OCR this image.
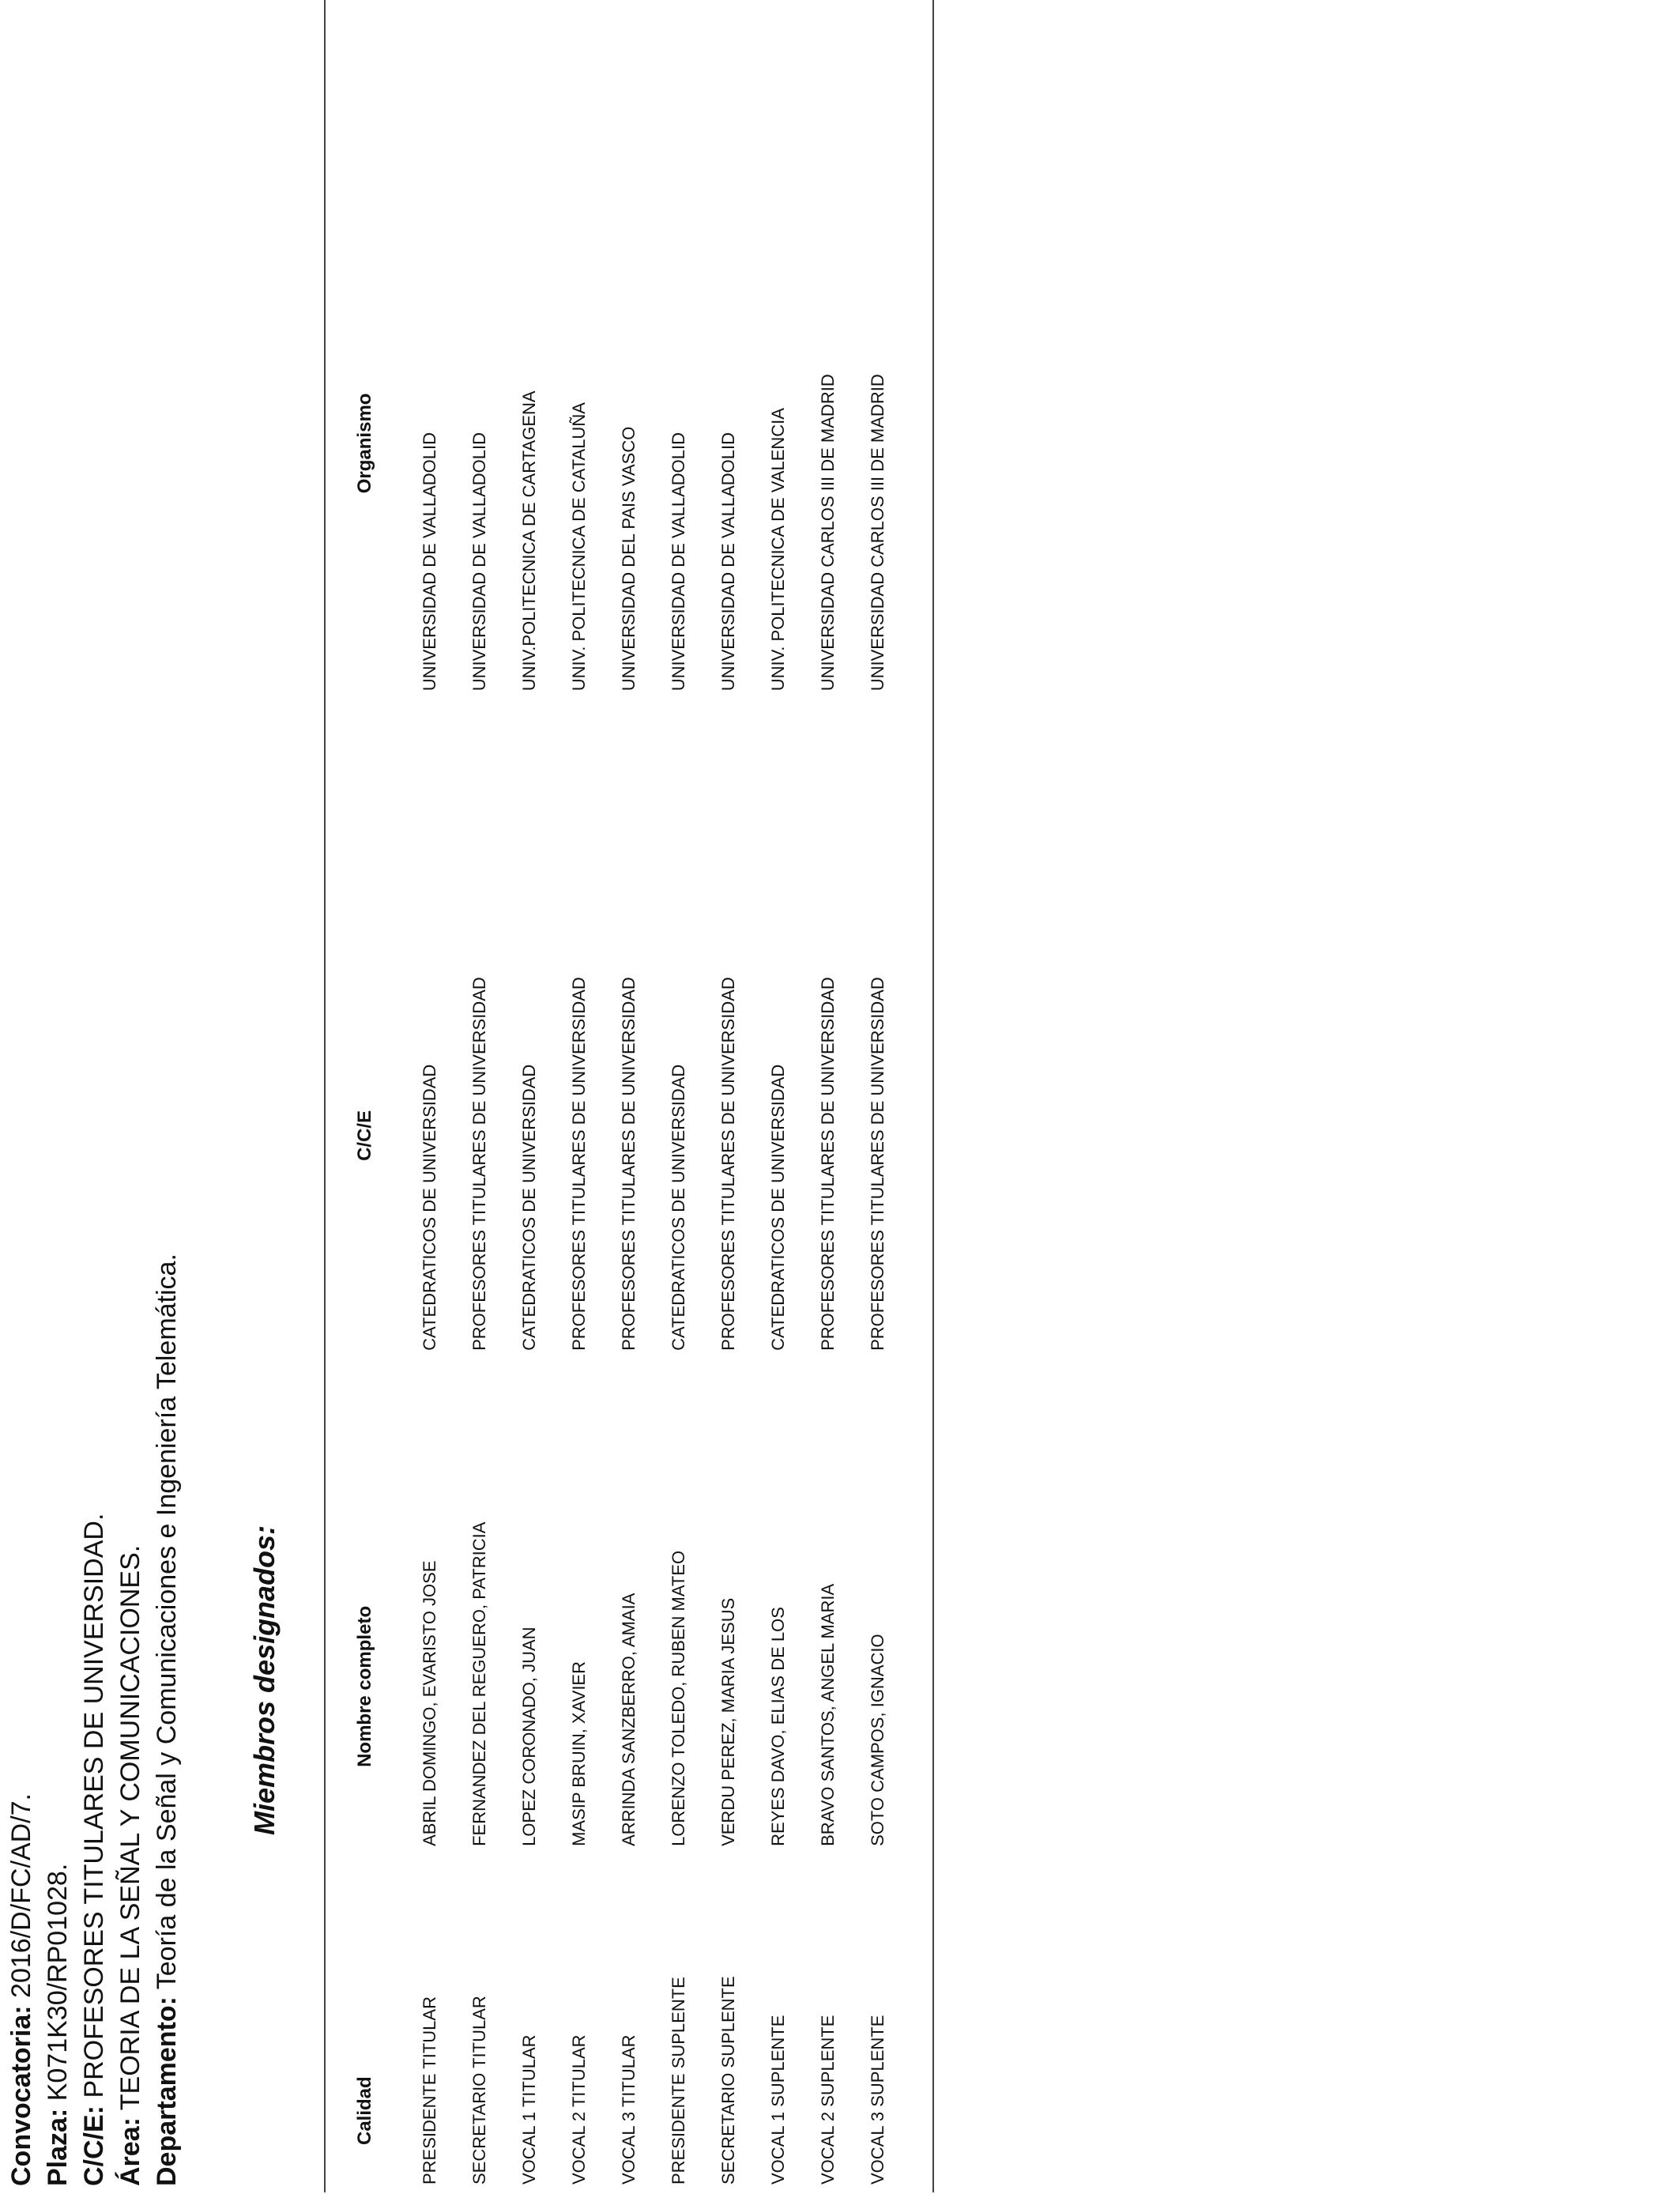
Convocatoria: 2016/D/FC/AD/7.
Plaza: K071K30/RP01028.
C/C/E: PROFESORES TITULARES DE UNIVERSIDAD.
Área: TEORIA DE LA SEÑAL Y COMUNICACIONES. Departamento: Teoría de la Señal y Comunicaciones e Ingeniería Telemática. Miembros designados:
Calidad	Nombre completo	C/C/E	Organismo
PRESIDENTE TITULAR	ABRIL DOMINGO, EVARISTO JOSE	CATEDRATICOS DE UNIVERSIDAD	UNIVERSIDAD DE VALLADOLID
SECRETARIO TITULAR	FERNANDEZ DEL REGUERO, PATRICIA	PROFESORES TITULARES DE UNIVERSIDAD	UNIVERSIDAD DE VALLADOLID
VOCAL 1 TITULAR	LOPEZ CORONADO, JUAN	CATEDRATICOS DE UNIVERSIDAD	UNIV.POLITECNICA DE CARTAGENA
VOCAL 2 TITULAR	MASIP BRUIN, XAVIER	PROFESORES TITULARES DE UNIVERSIDAD	UNIV. POLITECNICA DE CATALUÑA
VOCAL 3 TITULAR	ARRINDA SANZBERRO, AMAIA	PROFESORES TITULARES DE UNIVERSIDAD	UNIVERSIDAD DEL PAIS VASCO
PRESIDENTE SUPLENTE	LORENZO TOLEDO, RUBEN MATEO	CATEDRATICOS DE UNIVERSIDAD	UNIVERSIDAD DE VALLADOLID
SECRETARIO SUPLENTE	VERDU PEREZ, MARIA JESUS	PROFESORES TITULARES DE UNIVERSIDAD	UNIVERSIDAD DE VALLADOLID
VOCAL 1 SUPLENTE	REYES DAVO, ELIAS DE LOS	CATEDRATICOS DE UNIVERSIDAD	UNIV. POLITECNICA DE VALENCIA
VOCAL 2 SUPLENTE	BRAVO SANTOS, ANGEL MARIA	PROFESORES TITULARES DE UNIVERSIDAD	UNIVERSIDAD CARLOS III DE MADRID
VOCAL 3 SUPLENTE	SOTO CAMPOS, IGNACIO	PROFESORES TITULARES DE UNIVERSIDAD	UNIVERSIDAD CARLOS III DE MADRID
